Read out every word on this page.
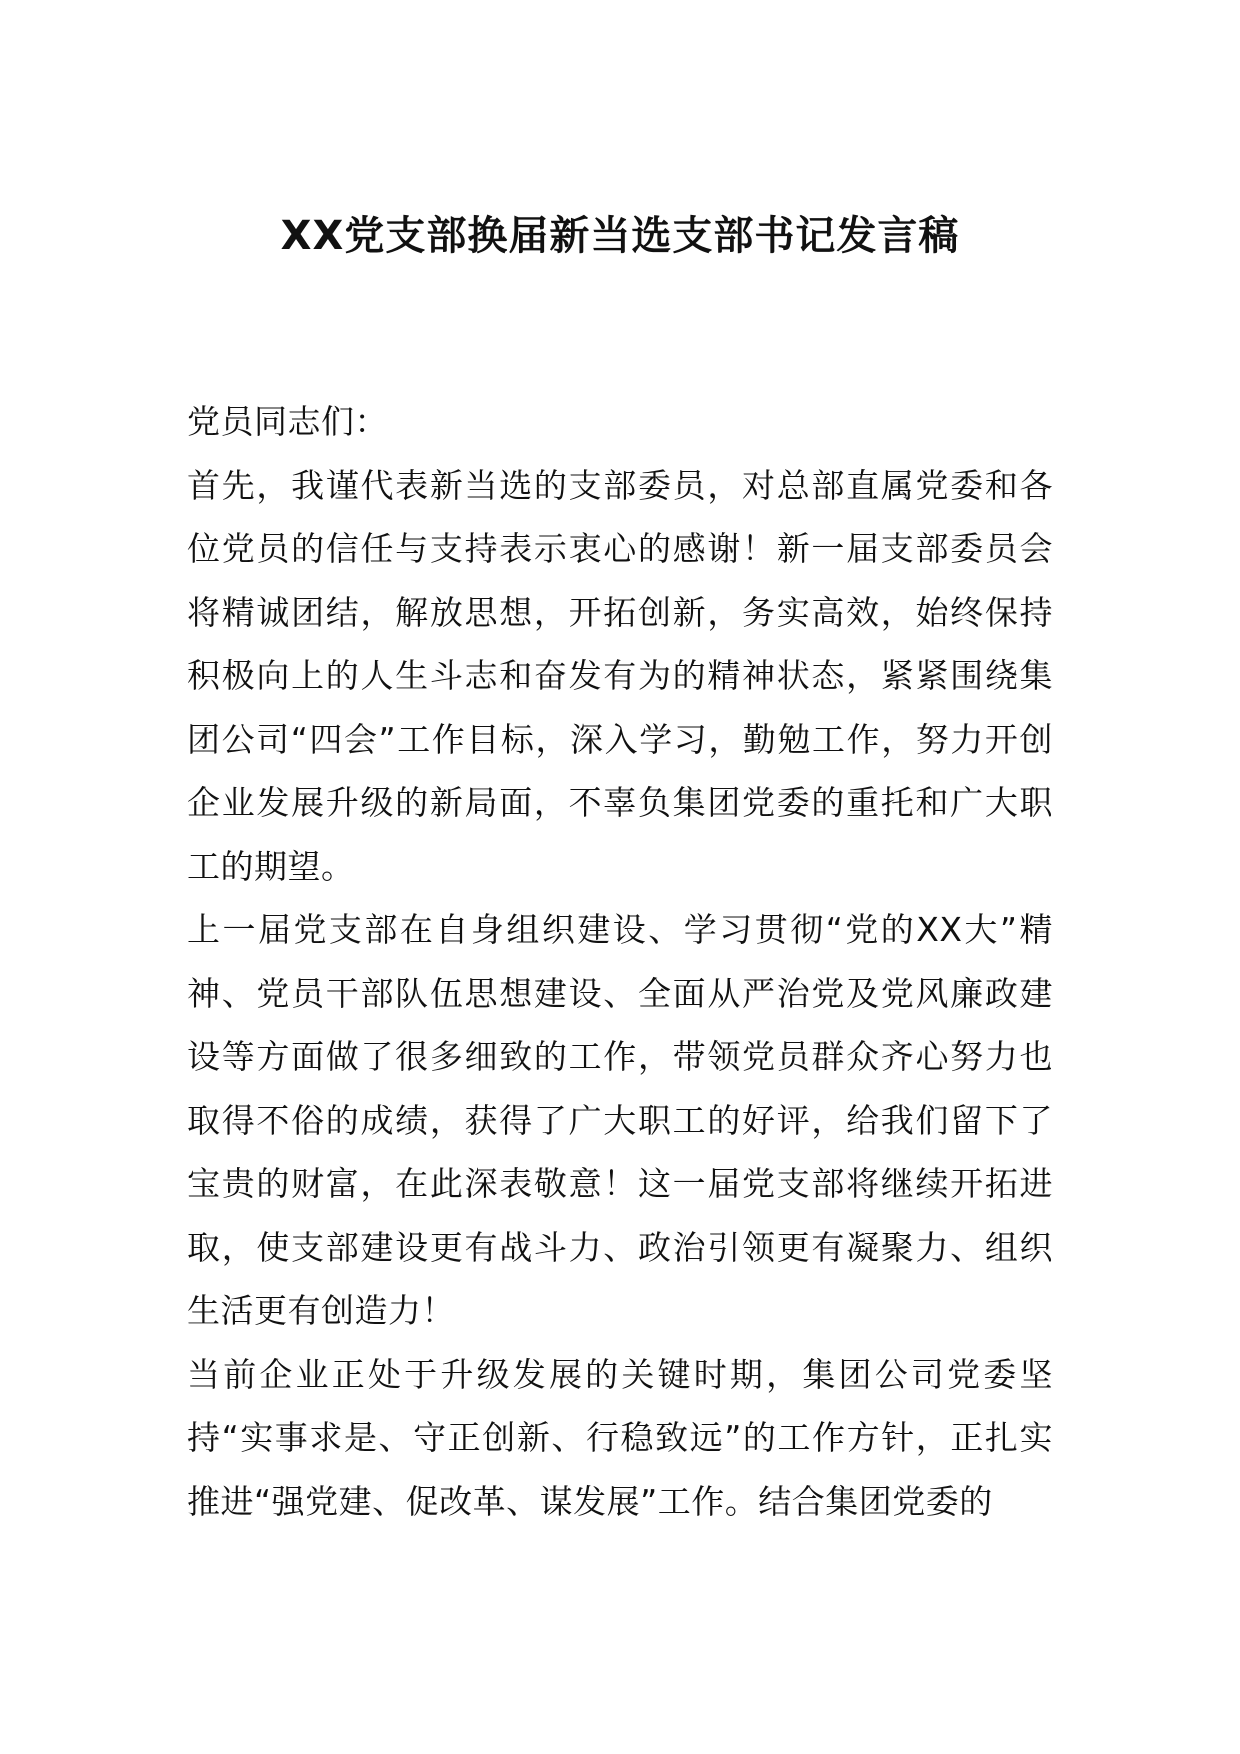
XX党支部换届新当选支部书记发言稿

党员同志们：

首先，我谨代表新当选的支部委员，对总部直属党委和各位党员的信任与支持表示衷心的感谢！新一届支部委员会将精诚团结，解放思想，开拓创新，务实高效，始终保持积极向上的人生斗志和奋发有为的精神状态，紧紧围绕集团公司“四会”工作目标，深入学习，勤勉工作，努力开创企业发展升级的新局面，不辜负集团党委的重托和广大职工的期望。

上一届党支部在自身组织建设、学习贯彻“党的XX大”精神、党员干部队伍思想建设、全面从严治党及党风廉政建设等方面做了很多细致的工作，带领党员群众齐心努力也取得不俗的成绩，获得了广大职工的好评，给我们留下了宝贵的财富，在此深表敬意！这一届党支部将继续开拓进取，使支部建设更有战斗力、政治引领更有凝聚力、组织生活更有创造力！

当前企业正处于升级发展的关键时期，集团公司党委坚持“实事求是、守正创新、行稳致远”的工作方针，正扎实推进“强党建、促改革、谋发展”工作。结合集团党委的
